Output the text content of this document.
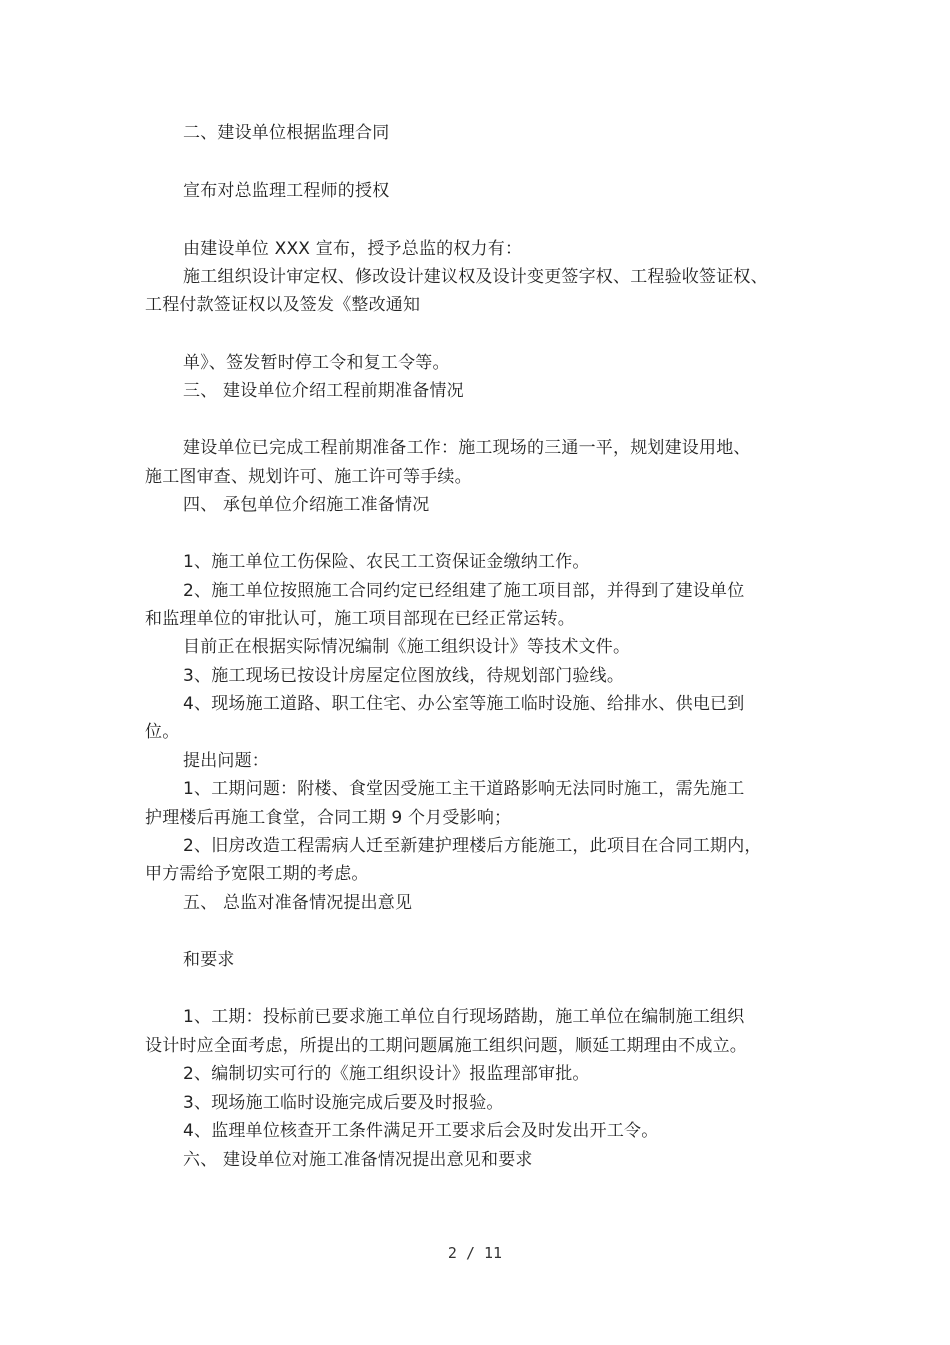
二、建设单位根据监理合同
宣布对总监理工程师的授权
由建设单位 XXX 宣布，授予总监的权力有：
施工组织设计审定权、修改设计建议权及设计变更签字权、工程验收签证权、
工程付款签证权以及签发《整改通知
单》、签发暂时停工令和复工令等。
三、 建设单位介绍工程前期准备情况
建设单位已完成工程前期准备工作：施工现场的三通一平，规划建设用地、
施工图审查、规划许可、施工许可等手续。
四、 承包单位介绍施工准备情况
1、施工单位工伤保险、农民工工资保证金缴纳工作。
2、施工单位按照施工合同约定已经组建了施工项目部，并得到了建设单位
和监理单位的审批认可，施工项目部现在已经正常运转。
目前正在根据实际情况编制《施工组织设计》等技术文件。
3、施工现场已按设计房屋定位图放线，待规划部门验线。
4、现场施工道路、职工住宅、办公室等施工临时设施、给排水、供电已到
位。
提出问题：
1、工期问题：附楼、食堂因受施工主干道路影响无法同时施工，需先施工
护理楼后再施工食堂，合同工期 9 个月受影响；
2、旧房改造工程需病人迁至新建护理楼后方能施工，此项目在合同工期内，
甲方需给予宽限工期的考虑。
五、 总监对准备情况提出意见
和要求
1、工期：投标前已要求施工单位自行现场踏勘，施工单位在编制施工组织
设计时应全面考虑，所提出的工期问题属施工组织问题，顺延工期理由不成立。
2、编制切实可行的《施工组织设计》报监理部审批。
3、现场施工临时设施完成后要及时报验。
4、监理单位核查开工条件满足开工要求后会及时发出开工令。
六、 建设单位对施工准备情况提出意见和要求
2 / 11
